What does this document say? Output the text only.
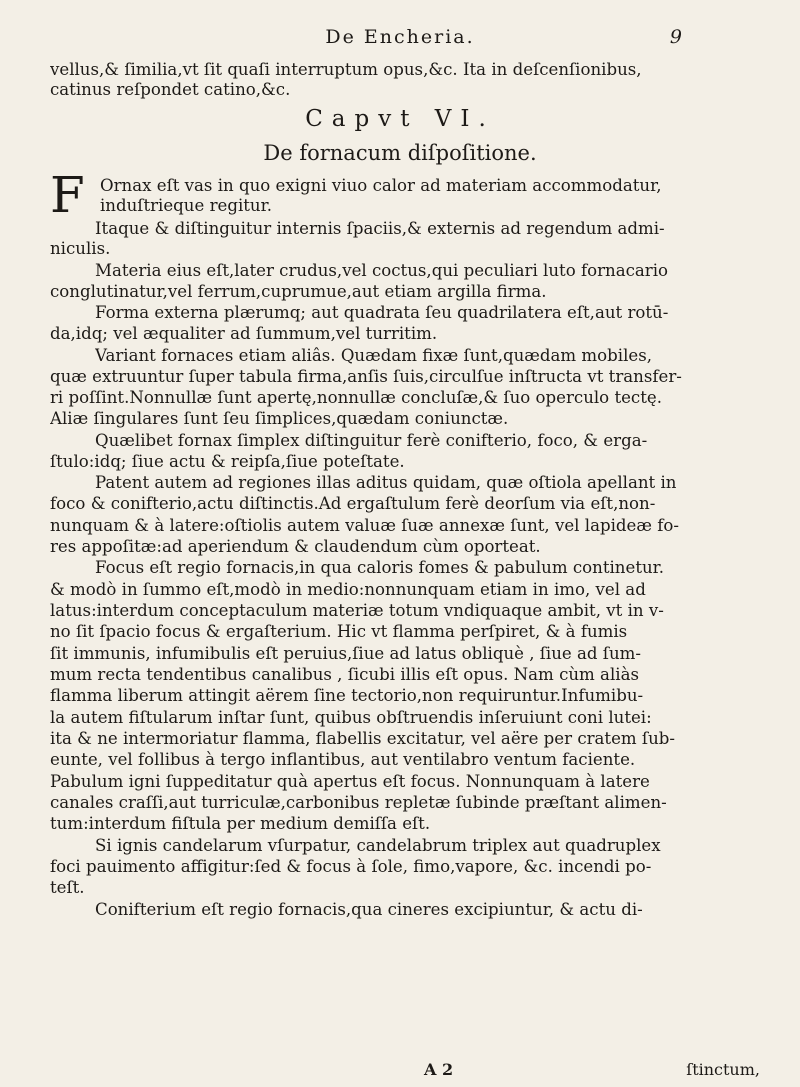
De Encheria.	9
vellus,& ſimilia,vt ſit quaſi interruptum opus,&c. Ita in deſcenſionibus,
catinus reſpondet catino,&c.
Capvt VI.
De fornacum diſpoſitione.
F Ornax eſt vas in quo exigni viuo calor ad materiam accommodatur,
induſtrieque regitur.
Itaque & diſtinguitur internis ſpaciis,& externis ad regendum admi-
niculis.
Materia eius eſt,later crudus,vel coctus,qui peculiari luto fornacario
conglutinatur,vel ferrum,cuprumue,aut etiam argilla firma.
Forma externa plærumq; aut quadrata ſeu quadrilatera eſt,aut rotū-
da,idq; vel æqualiter ad ſummum,vel turritim.
Variant fornaces etiam aliâs. Quædam fixæ ſunt,quædam mobiles,
quæ extruuntur ſuper tabula firma,anſis ſuis,circulſue inſtructa vt transfer-
ri poſſint.Nonnullæ ſunt apertę,nonnullæ concluſæ,& ſuo operculo tectę.
Aliæ ſingulares ſunt ſeu ſimplices,quædam coniunctæ.
Quælibet fornax ſimplex diſtinguitur ferè conifterio, foco, & erga-
ſtulo:idq; ſiue actu & reipſa,ſiue poteſtate.
Patent autem ad regiones illas aditus quidam, quæ oſtiola apellant in
foco & conifterio,actu diſtinctis.Ad ergaſtulum ferè deorſum via eſt,non-
nunquam & à latere:oſtiolis autem valuæ ſuæ annexæ ſunt, vel lapideæ fo-
res appoſitæ:ad aperiendum & claudendum cùm oporteat.
Focus eſt regio fornacis,in qua caloris fomes & pabulum continetur.
& modò in ſummo eſt,modò in medio:nonnunquam etiam in imo, vel ad
latus:interdum conceptaculum materiæ totum vndiquaque ambit, vt in v-
no ſit ſpacio focus & ergaſterium. Hic vt flamma perſpiret, & à fumis
ſit immunis, infumibulis eſt peruius,ſiue ad latus obliquè , ſiue ad ſum-
mum recta tendentibus canalibus , ſicubi illis eſt opus. Nam cùm aliàs
flamma liberum attingit aërem ſine tectorio,non requiruntur.Infumibu-
la autem fiſtularum inſtar ſunt, quibus obſtruendis inſeruiunt coni lutei:
ita & ne intermoriatur flamma, flabellis excitatur, vel aëre per cratem ſub-
eunte, vel follibus à tergo inflantibus, aut ventilabro ventum faciente.
Pabulum igni ſuppeditatur quà apertus eſt focus. Nonnunquam à latere
canales craſſi,aut turriculæ,carbonibus repletæ ſubinde præſtant alimen-
tum:interdum fiſtula per medium demiſſa eſt.
Si ignis candelarum vſurpatur, candelabrum triplex aut quadruplex
foci pauimento affigitur:ſed & focus à ſole, fimo,vapore, &c. incendi po-
teſt.
Conifterium eſt regio fornacis,qua cineres excipiuntur, & actu di-
A 2	ſtinctum,
